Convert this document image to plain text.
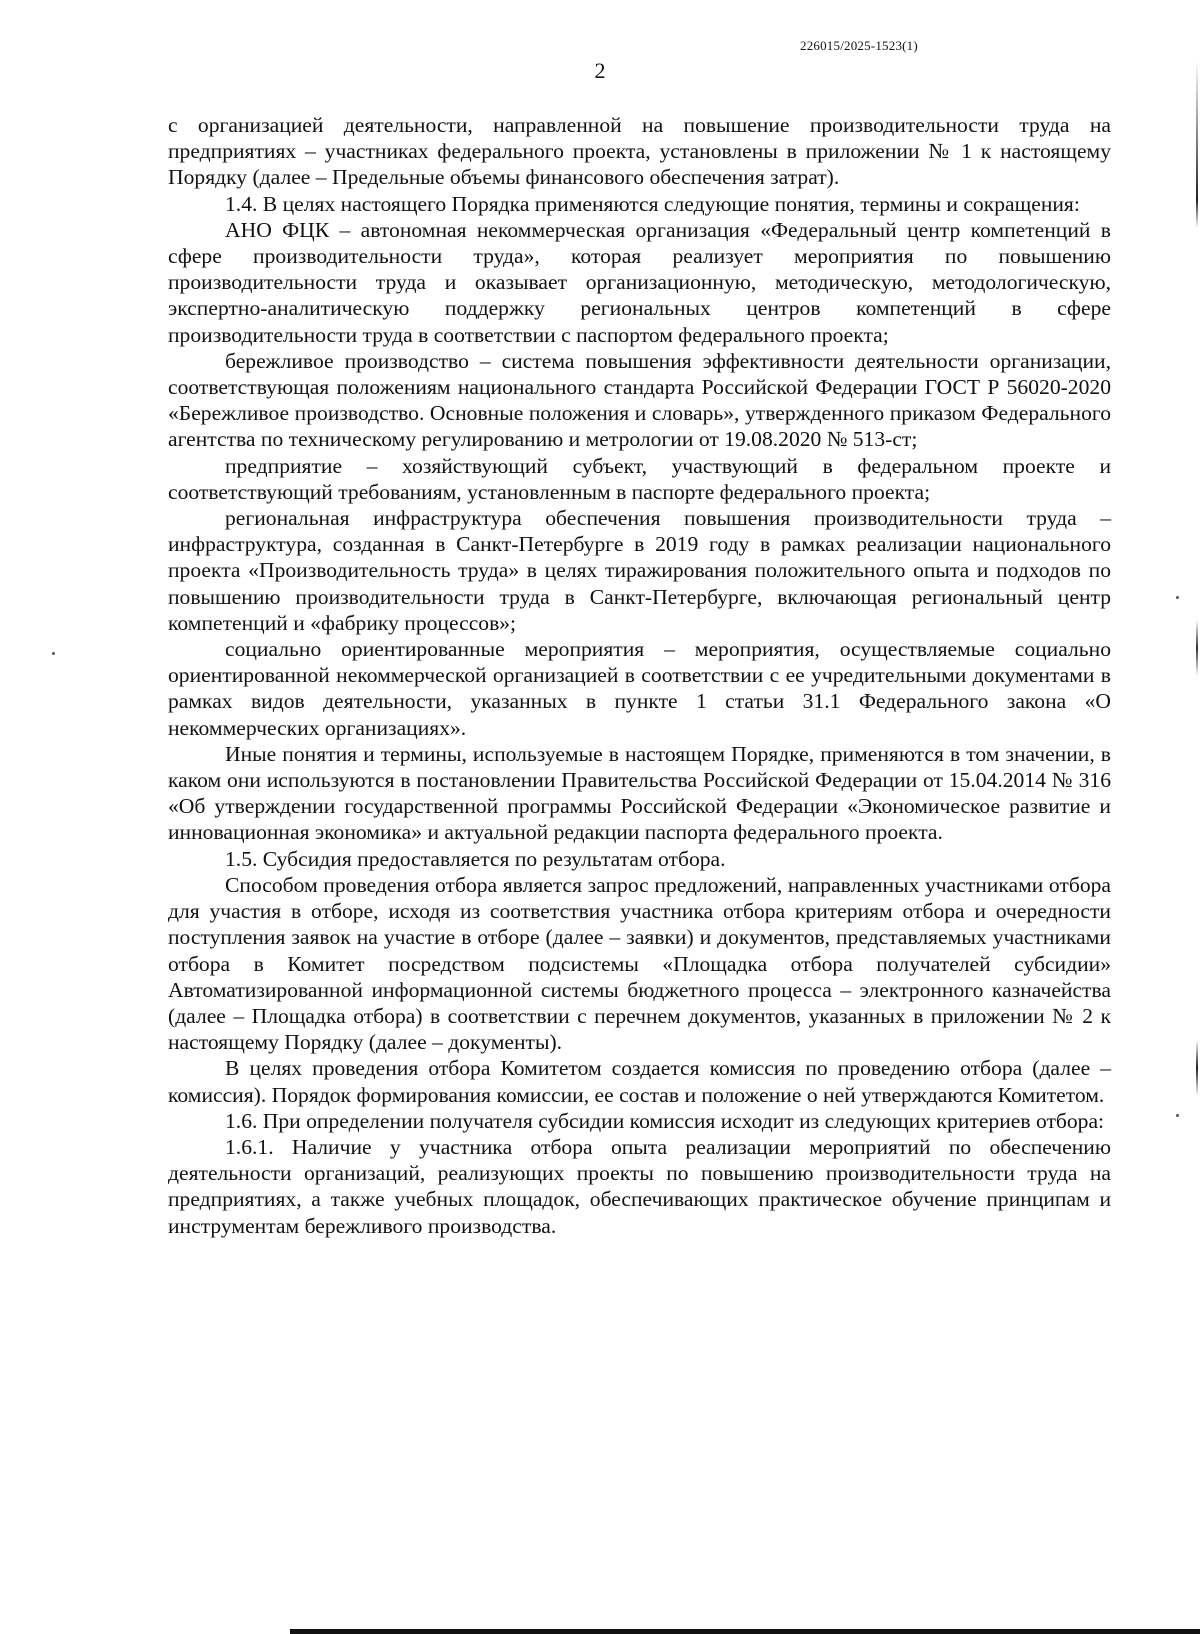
226015/2025-1523(1)
2

с организацией деятельности, направленной на повышение производительности труда на предприятиях – участниках федерального проекта, установлены в приложении № 1 к настоящему Порядку (далее – Предельные объемы финансового обеспечения затрат).

1.4. В целях настоящего Порядка применяются следующие понятия, термины и сокращения:

АНО ФЦК – автономная некоммерческая организация «Федеральный центр компетенций в сфере производительности труда», которая реализует мероприятия по повышению производительности труда и оказывает организационную, методическую, методологическую, экспертно-аналитическую поддержку региональных центров компетенций в сфере производительности труда в соответствии с паспортом федерального проекта;

бережливое производство – система повышения эффективности деятельности организации, соответствующая положениям национального стандарта Российской Федерации ГОСТ Р 56020-2020 «Бережливое производство. Основные положения и словарь», утвержденного приказом Федерального агентства по техническому регулированию и метрологии от 19.08.2020 № 513-ст;

предприятие – хозяйствующий субъект, участвующий в федеральном проекте и соответствующий требованиям, установленным в паспорте федерального проекта;

региональная инфраструктура обеспечения повышения производительности труда – инфраструктура, созданная в Санкт-Петербурге в 2019 году в рамках реализации национального проекта «Производительность труда» в целях тиражирования положительного опыта и подходов по повышению производительности труда в Санкт-Петербурге, включающая региональный центр компетенций и «фабрику процессов»;

социально ориентированные мероприятия – мероприятия, осуществляемые социально ориентированной некоммерческой организацией в соответствии с ее учредительными документами в рамках видов деятельности, указанных в пункте 1 статьи 31.1 Федерального закона «О некоммерческих организациях».

Иные понятия и термины, используемые в настоящем Порядке, применяются в том значении, в каком они используются в постановлении Правительства Российской Федерации от 15.04.2014 № 316 «Об утверждении государственной программы Российской Федерации «Экономическое развитие и инновационная экономика» и актуальной редакции паспорта федерального проекта.

1.5. Субсидия предоставляется по результатам отбора.

Способом проведения отбора является запрос предложений, направленных участниками отбора для участия в отборе, исходя из соответствия участника отбора критериям отбора и очередности поступления заявок на участие в отборе (далее – заявки) и документов, представляемых участниками отбора в Комитет посредством подсистемы «Площадка отбора получателей субсидии» Автоматизированной информационной системы бюджетного процесса – электронного казначейства (далее – Площадка отбора) в соответствии с перечнем документов, указанных в приложении № 2 к настоящему Порядку (далее – документы).

В целях проведения отбора Комитетом создается комиссия по проведению отбора (далее – комиссия). Порядок формирования комиссии, ее состав и положение о ней утверждаются Комитетом.

1.6. При определении получателя субсидии комиссия исходит из следующих критериев отбора:

1.6.1. Наличие у участника отбора опыта реализации мероприятий по обеспечению деятельности организаций, реализующих проекты по повышению производительности труда на предприятиях, а также учебных площадок, обеспечивающих практическое обучение принципам и инструментам бережливого производства.
